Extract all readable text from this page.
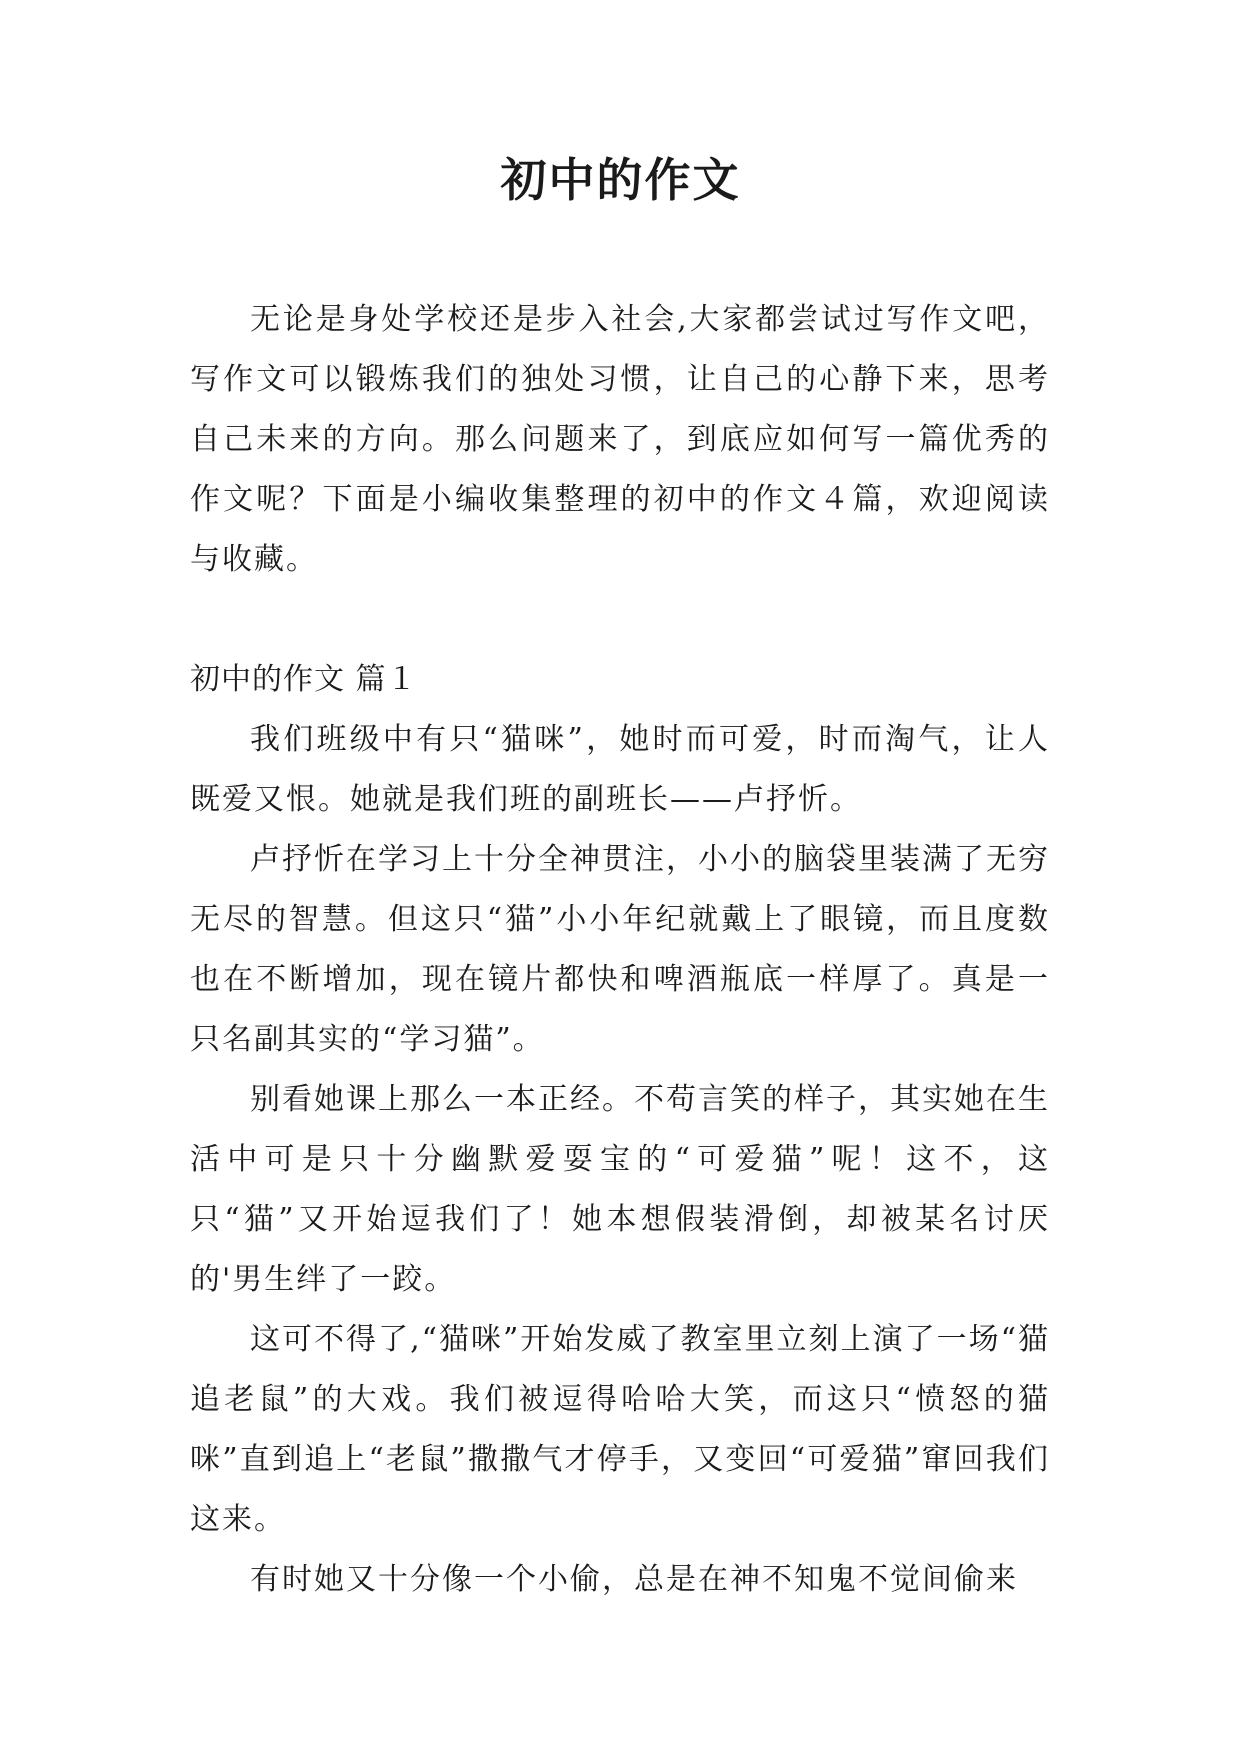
初中的作文

无论是身处学校还是步入社会,大家都尝试过写作文吧，写作文可以锻炼我们的独处习惯，让自己的心静下来，思考自己未来的方向。那么问题来了，到底应如何写一篇优秀的作文呢？下面是小编收集整理的初中的作文４篇，欢迎阅读与收藏。

初中的作文 篇１

我们班级中有只“猫咪”，她时而可爱，时而淘气，让人既爱又恨。她就是我们班的副班长——卢抒忻。

卢抒忻在学习上十分全神贯注，小小的脑袋里装满了无穷无尽的智慧。但这只“猫”小小年纪就戴上了眼镜，而且度数也在不断增加，现在镜片都快和啤酒瓶底一样厚了。真是一只名副其实的“学习猫”。

别看她课上那么一本正经。不苟言笑的样子，其实她在生活中可是只十分幽默爱耍宝的“可爱猫”呢！这不，这只“猫”又开始逗我们了！她本想假装滑倒，却被某名讨厌的'男生绊了一跤。

这可不得了,“猫咪”开始发威了教室里立刻上演了一场“猫追老鼠”的大戏。我们被逗得哈哈大笑，而这只“愤怒的猫咪”直到追上“老鼠”撒撒气才停手，又变回“可爱猫”窜回我们这来。

有时她又十分像一个小偷，总是在神不知鬼不觉间偷来
